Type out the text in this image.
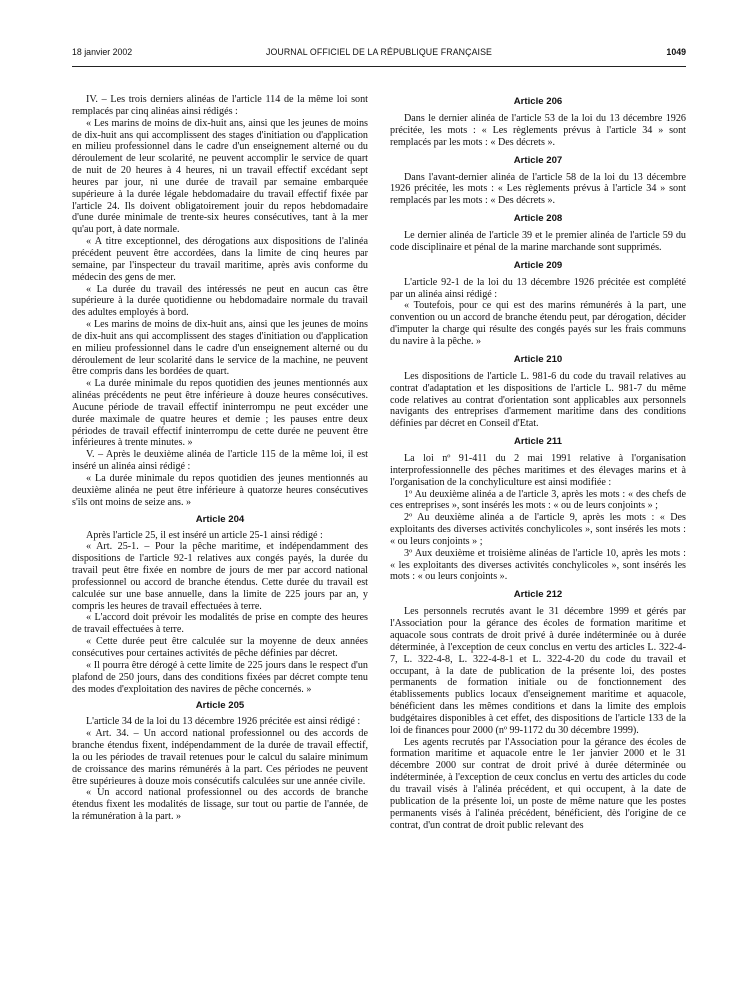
18 janvier 2002	JOURNAL OFFICIEL DE LA RÉPUBLIQUE FRANÇAISE	1049

IV. – Les trois derniers alinéas de l'article 114 de la même loi sont remplacés par cinq alinéas ainsi rédigés :

« Les marins de moins de dix-huit ans, ainsi que les jeunes de moins de dix-huit ans qui accomplissent des stages d'initiation ou d'application en milieu professionnel dans le cadre d'un enseignement alterné ou du déroulement de leur scolarité, ne peuvent accomplir le service de quart de nuit de 20 heures à 4 heures, ni un travail effectif excédant sept heures par jour, ni une durée de travail par semaine embarquée supérieure à la durée légale hebdomadaire du travail effectif fixée par l'article 24. Ils doivent obligatoirement jouir du repos hebdomadaire d'une durée minimale de trente-six heures consécutives, tant à la mer qu'au port, à date normale.

« A titre exceptionnel, des dérogations aux dispositions de l'alinéa précédent peuvent être accordées, dans la limite de cinq heures par semaine, par l'inspecteur du travail maritime, après avis conforme du médecin des gens de mer.

« La durée du travail des intéressés ne peut en aucun cas être supérieure à la durée quotidienne ou hebdomadaire normale du travail des adultes employés à bord.

« Les marins de moins de dix-huit ans, ainsi que les jeunes de moins de dix-huit ans qui accomplissent des stages d'initiation ou d'application en milieu professionnel dans le cadre d'un enseignement alterné ou du déroulement de leur scolarité dans le service de la machine, ne peuvent être compris dans les bordées de quart.

« La durée minimale du repos quotidien des jeunes mentionnés aux alinéas précédents ne peut être inférieure à douze heures consécutives. Aucune période de travail effectif ininterrompu ne peut excéder une durée maximale de quatre heures et demie ; les pauses entre deux périodes de travail effectif ininterrompu de cette durée ne peuvent être inférieures à trente minutes. »

V. – Après le deuxième alinéa de l'article 115 de la même loi, il est inséré un alinéa ainsi rédigé :

« La durée minimale du repos quotidien des jeunes mentionnés au deuxième alinéa ne peut être inférieure à quatorze heures consécutives s'ils ont moins de seize ans. »

Article 204

Après l'article 25, il est inséré un article 25-1 ainsi rédigé :

« Art. 25-1. – Pour la pêche maritime, et indépendamment des dispositions de l'article 92-1 relatives aux congés payés, la durée du travail peut être fixée en nombre de jours de mer par accord national professionnel ou accord de branche étendus. Cette durée du travail est calculée sur une base annuelle, dans la limite de 225 jours par an, y compris les heures de travail effectuées à terre.

« L'accord doit prévoir les modalités de prise en compte des heures de travail effectuées à terre.

« Cette durée peut être calculée sur la moyenne de deux années consécutives pour certaines activités de pêche définies par décret.

« Il pourra être dérogé à cette limite de 225 jours dans le respect d'un plafond de 250 jours, dans des conditions fixées par décret compte tenu des modes d'exploitation des navires de pêche concernés. »

Article 205

L'article 34 de la loi du 13 décembre 1926 précitée est ainsi rédigé :

« Art. 34. – Un accord national professionnel ou des accords de branche étendus fixent, indépendamment de la durée de travail effectif, la ou les périodes de travail retenues pour le calcul du salaire minimum de croissance des marins rémunérés à la part. Ces périodes ne peuvent être supérieures à douze mois consécutifs calculées sur une année civile.

« Un accord national professionnel ou des accords de branche étendus fixent les modalités de lissage, sur tout ou partie de l'année, de la rémunération à la part. »

Article 206

Dans le dernier alinéa de l'article 53 de la loi du 13 décembre 1926 précitée, les mots : « Les règlements prévus à l'article 34 » sont remplacés par les mots : « Des décrets ».

Article 207

Dans l'avant-dernier alinéa de l'article 58 de la loi du 13 décembre 1926 précitée, les mots : « Les règlements prévus à l'article 34 » sont remplacés par les mots : « Des décrets ».

Article 208

Le dernier alinéa de l'article 39 et le premier alinéa de l'article 59 du code disciplinaire et pénal de la marine marchande sont supprimés.

Article 209

L'article 92-1 de la loi du 13 décembre 1926 précitée est complété par un alinéa ainsi rédigé :

« Toutefois, pour ce qui est des marins rémunérés à la part, une convention ou un accord de branche étendu peut, par dérogation, décider d'imputer la charge qui résulte des congés payés sur les frais communs du navire à la pêche. »

Article 210

Les dispositions de l'article L. 981-6 du code du travail relatives au contrat d'adaptation et les dispositions de l'article L. 981-7 du même code relatives au contrat d'orientation sont applicables aux personnels navigants des entreprises d'armement maritime dans des conditions définies par décret en Conseil d'Etat.

Article 211

La loi nº 91-411 du 2 mai 1991 relative à l'organisation interprofessionnelle des pêches maritimes et des élevages marins et à l'organisation de la conchyliculture est ainsi modifiée :

1º Au deuxième alinéa a de l'article 3, après les mots : « des chefs de ces entreprises », sont insérés les mots : « ou de leurs conjoints » ;

2º Au deuxième alinéa a de l'article 9, après les mots : « Des exploitants des diverses activités conchylicoles », sont insérés les mots : « ou leurs conjoints » ;

3º Aux deuxième et troisième alinéas de l'article 10, après les mots : « les exploitants des diverses activités conchylicoles », sont insérés les mots : « ou leurs conjoints ».

Article 212

Les personnels recrutés avant le 31 décembre 1999 et gérés par l'Association pour la gérance des écoles de formation maritime et aquacole sous contrats de droit privé à durée indéterminée ou à durée déterminée, à l'exception de ceux conclus en vertu des articles L. 322-4-7, L. 322-4-8, L. 322-4-8-1 et L. 322-4-20 du code du travail et occupant, à la date de publication de la présente loi, des postes permanents de formation initiale ou de fonctionnement des établissements publics locaux d'enseignement maritime et aquacole, bénéficient dans les mêmes conditions et dans la limite des emplois budgétaires disponibles à cet effet, des dispositions de l'article 133 de la loi de finances pour 2000 (nº 99-1172 du 30 décembre 1999).

Les agents recrutés par l'Association pour la gérance des écoles de formation maritime et aquacole entre le 1er janvier 2000 et le 31 décembre 2000 sur contrat de droit privé à durée déterminée ou indéterminée, à l'exception de ceux conclus en vertu des articles du code du travail visés à l'alinéa précédent, et qui occupent, à la date de publication de la présente loi, un poste de même nature que les postes permanents visés à l'alinéa précédent, bénéficient, dès l'origine de ce contrat, d'un contrat de droit public relevant des
